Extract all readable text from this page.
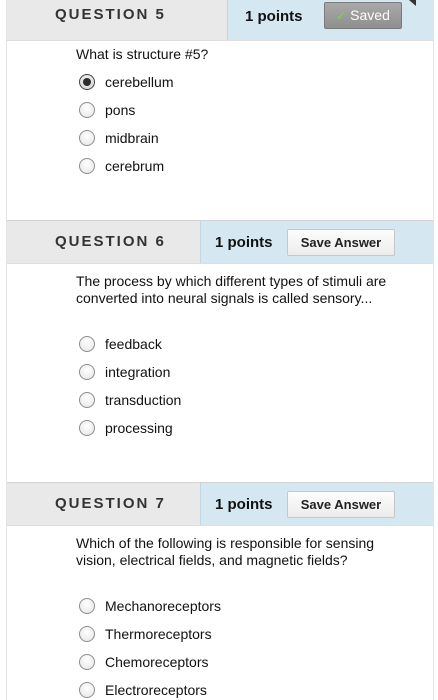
QUESTION 5	1 points	✓ Saved
What is structure #5?
cerebellum
pons
midbrain
cerebrum
QUESTION 6	1 points	Save Answer
The process by which different types of stimuli are converted into neural signals is called sensory...
feedback
integration
transduction
processing
QUESTION 7	1 points	Save Answer
Which of the following is responsible for sensing vision, electrical fields, and magnetic fields?
Mechanoreceptors
Thermoreceptors
Chemoreceptors
Electroreceptors
